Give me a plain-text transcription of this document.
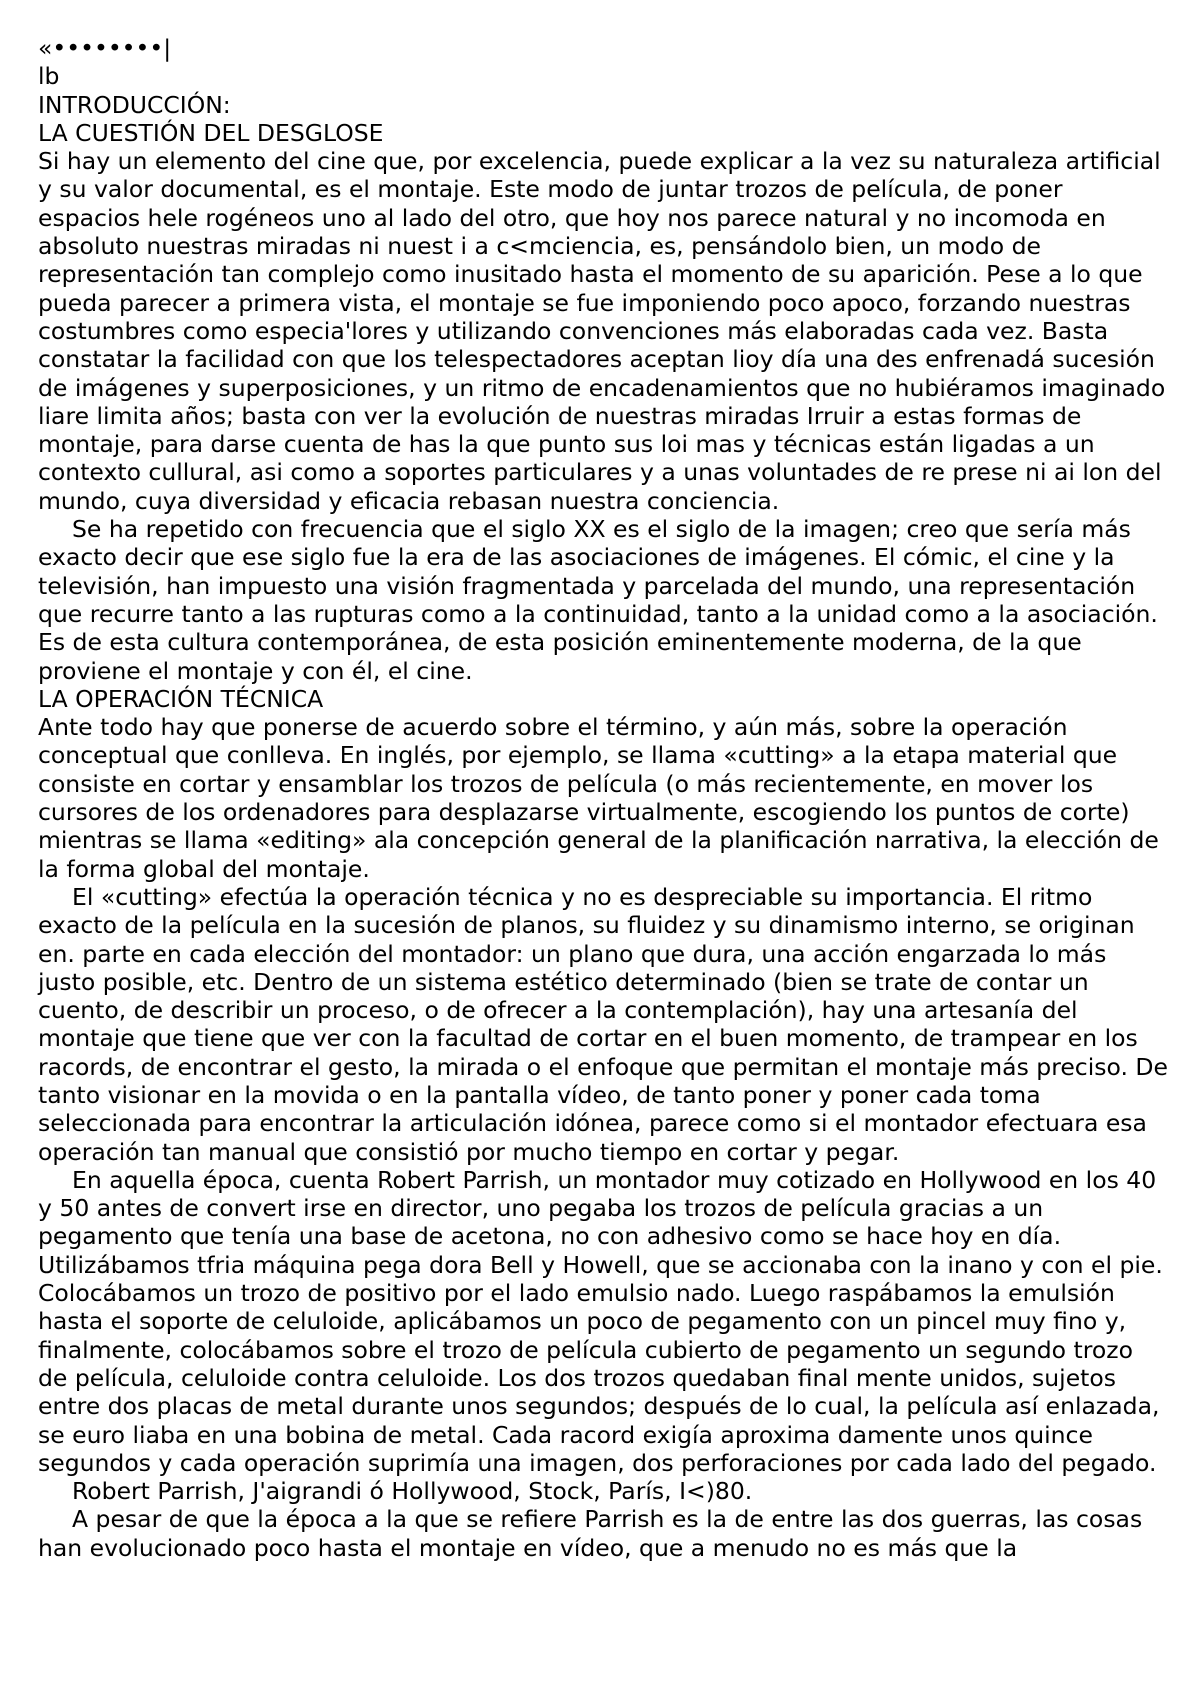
«••••••••|

lb

INTRODUCCIÓN:

LA CUESTIÓN DEL DESGLOSE

Si hay un elemento del cine que, por excelencia, puede explicar a la vez su naturaleza artificial y su valor documental, es el montaje. Este modo de juntar trozos de película, de poner espacios hele rogéneos uno al lado del otro, que hoy nos parece natural y no incomoda en absoluto nuestras miradas ni nuest i a c<mciencia, es, pensándolo bien, un modo de representación tan complejo como inusitado hasta el momento de su aparición. Pese a lo que pueda parecer a primera vista, el montaje se fue imponiendo poco apoco, forzando nuestras costumbres como especia'lores y utilizando convenciones más elaboradas cada vez. Basta constatar la facilidad con que los telespectadores aceptan lioy día una des enfrenadá sucesión de imágenes y superposiciones, y un ritmo de encadenamientos que no hubiéramos imaginado liare limita años; basta con ver la evolución de nuestras miradas Irruir a estas formas de montaje, para darse cuenta de has la que punto sus loi mas y técnicas están ligadas a un contexto cullural, asi como a soportes particulares y a unas voluntades de re prese ni ai lon del

mundo, cuya diversidad y eficacia rebasan nuestra conciencia.

Se ha repetido con frecuencia que el siglo XX es el siglo de la imagen; creo que sería más exacto decir que ese siglo fue la era de las asociaciones de imágenes. El cómic, el cine y la televisión, han impuesto una visión fragmentada y parcelada del mundo, una representación que recurre tanto a las rupturas como a la continuidad, tanto a la unidad como a la asociación. Es de esta cultura contemporánea, de esta posición eminentemente moderna, de la que proviene el montaje y con él, el cine.

LA OPERACIÓN TÉCNICA

Ante todo hay que ponerse de acuerdo sobre el término, y aún más, sobre la operación conceptual que conlleva. En inglés, por ejemplo, se llama «cutting» a la etapa material que consiste en cortar y ensamblar los trozos de película (o más recientemente, en mover los cursores de los ordenadores para desplazarse virtualmente, escogiendo los puntos de corte) mientras se llama «editing» ala concepción general de la planificación narrativa, la elección de la forma global del montaje.

El «cutting» efectúa la operación técnica y no es despreciable su importancia. El ritmo exacto de la película en la sucesión de planos, su fluidez y su dinamismo interno, se originan en. parte en cada elección del montador: un plano que dura, una acción engarzada lo más justo posible, etc. Dentro de un sistema estético determinado (bien se trate de contar un cuento, de describir un proceso, o de ofrecer a la contemplación), hay una artesanía del montaje que tiene que ver con la facultad de cortar en el buen momento, de trampear en los racords, de encontrar el gesto, la mirada o el enfoque que permitan el montaje más preciso. De tanto visionar en la movida o en la pantalla vídeo, de tanto poner y poner cada toma seleccionada para encontrar la articulación idónea, parece como si el montador efectuara esa operación tan manual que consistió por mucho tiempo en cortar y pegar.

En aquella época, cuenta Robert Parrish, un montador muy cotizado en Hollywood en los 40 y 50 antes de convert irse en director, uno pegaba los trozos de película gracias a un pegamento que tenía una base de acetona, no con adhesivo como se hace hoy en día. Utilizábamos tfria máquina pega dora Bell y Howell, que se accionaba con la inano y con el pie. Colocábamos un trozo de positivo por el lado emulsio nado. Luego raspábamos la emulsión hasta el soporte de celuloide, aplicábamos un poco de pegamento con un pincel muy fino y, finalmente, colocábamos sobre el trozo de película cubierto de pegamento un segundo trozo de película, celuloide contra celuloide. Los dos trozos quedaban final mente unidos, sujetos entre dos placas de metal durante unos segundos; después de lo cual, la película así enlazada, se euro liaba en una bobina de metal. Cada racord exigía aproxima damente unos quince segundos y cada operación suprimía una imagen, dos perforaciones por cada lado del pegado.

Robert Parrish, J'aigrandi ó Hollywood, Stock, París, I<)80.

A pesar de que la época a la que se refiere Parrish es la de entre las dos guerras, las cosas han evolucionado poco hasta el montaje en vídeo, que a menudo no es más que la
